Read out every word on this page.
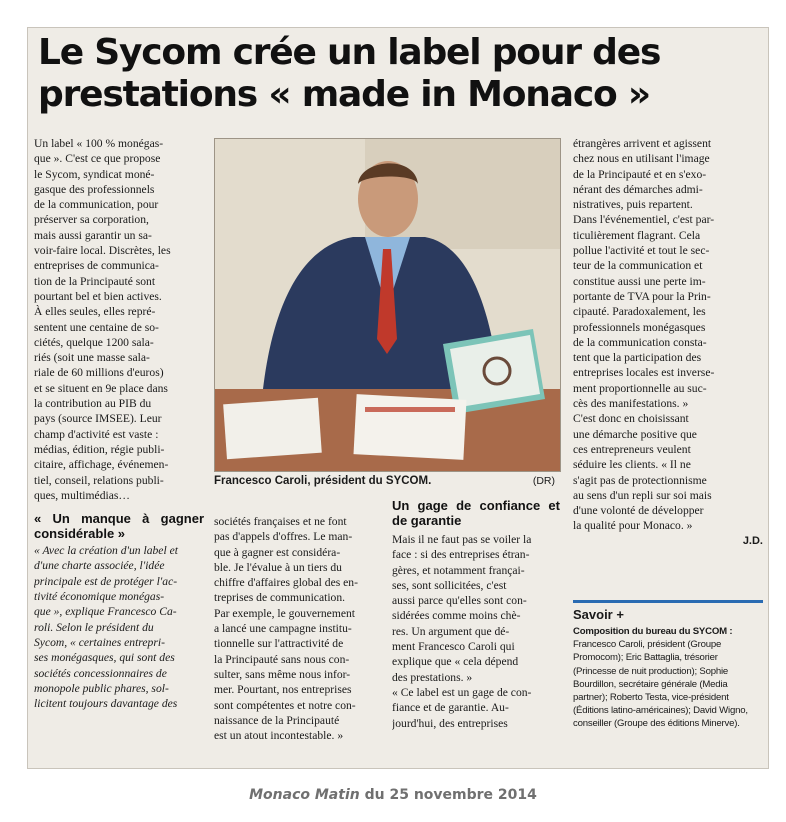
Le Sycom crée un label pour des
prestations « made in Monaco »

Un label « 100 % monégas-
que ». C'est ce que propose
le Sycom, syndicat moné-
gasque des professionnels
de la communication, pour
préserver sa corporation,
mais aussi garantir un sa-
voir-faire local. Discrètes, les
entreprises de communica-
tion de la Principauté sont
pourtant bel et bien actives.
À elles seules, elles repré-
sentent une centaine de so-
ciétés, quelque 1200 sala-
riés (soit une masse sala-
riale de 60 millions d'euros)
et se situent en 9e place dans
la contribution au PIB du
pays (source IMSEE). Leur
champ d'activité est vaste :
médias, édition, régie publi-
citaire, affichage, événemen-
tiel, conseil, relations publi-
ques, multimédias…

« Un manque à gagner considérable »

« Avec la création d'un label et
d'une charte associée, l'idée
principale est de protéger l'ac-
tivité économique monégas-
que », explique Francesco Ca-
roli. Selon le président du
Sycom, « certaines entrepri-
ses monégasques, qui sont des
sociétés concessionnaires de
monopole public phares, sol-
licitent toujours davantage des

Francesco Caroli, président du SYCOM.	(DR)

sociétés françaises et ne font
pas d'appels d'offres. Le man-
que à gagner est considéra-
ble. Je l'évalue à un tiers du
chiffre d'affaires global des en-
treprises de communication.
Par exemple, le gouvernement
a lancé une campagne institu-
tionnelle sur l'attractivité de
la Principauté sans nous con-
sulter, sans même nous infor-
mer. Pourtant, nos entreprises
sont compétentes et notre con-
naissance de la Principauté
est un atout incontestable. »

Un gage de confiance et de garantie

Mais il ne faut pas se voiler la
face : si des entreprises étran-
gères, et notamment françai-
ses, sont sollicitées, c'est
aussi parce qu'elles sont con-
sidérées comme moins chè-
res. Un argument que dé-
ment Francesco Caroli qui
explique que « cela dépend
des prestations. »
« Ce label est un gage de con-
fiance et de garantie. Au-
jourd'hui, des entreprises

étrangères arrivent et agissent
chez nous en utilisant l'image
de la Principauté et en s'exo-
nérant des démarches admi-
nistratives, puis repartent.
Dans l'événementiel, c'est par-
ticulièrement flagrant. Cela
pollue l'activité et tout le sec-
teur de la communication et
constitue aussi une perte im-
portante de TVA pour la Prin-
cipauté. Paradoxalement, les
professionnels monégasques
de la communication consta-
tent que la participation des
entreprises locales est inverse-
ment proportionnelle au suc-
cès des manifestations. »
C'est donc en choisissant
une démarche positive que
ces entrepreneurs veulent
séduire les clients. « Il ne
s'agit pas de protectionnisme
au sens d'un repli sur soi mais
d'une volonté de développer
la qualité pour Monaco. »

J.D.
Savoir +
Composition du bureau du SYCOM : Francesco Caroli, président (Groupe Promocom); Eric Battaglia, trésorier (Princesse de nuit production); Sophie Bourdillon, secrétaire générale (Media partner); Roberto Testa, vice-président (Éditions latino-américaines); David Wigno, conseiller (Groupe des éditions Minerve).
Monaco Matin du 25 novembre 2014
